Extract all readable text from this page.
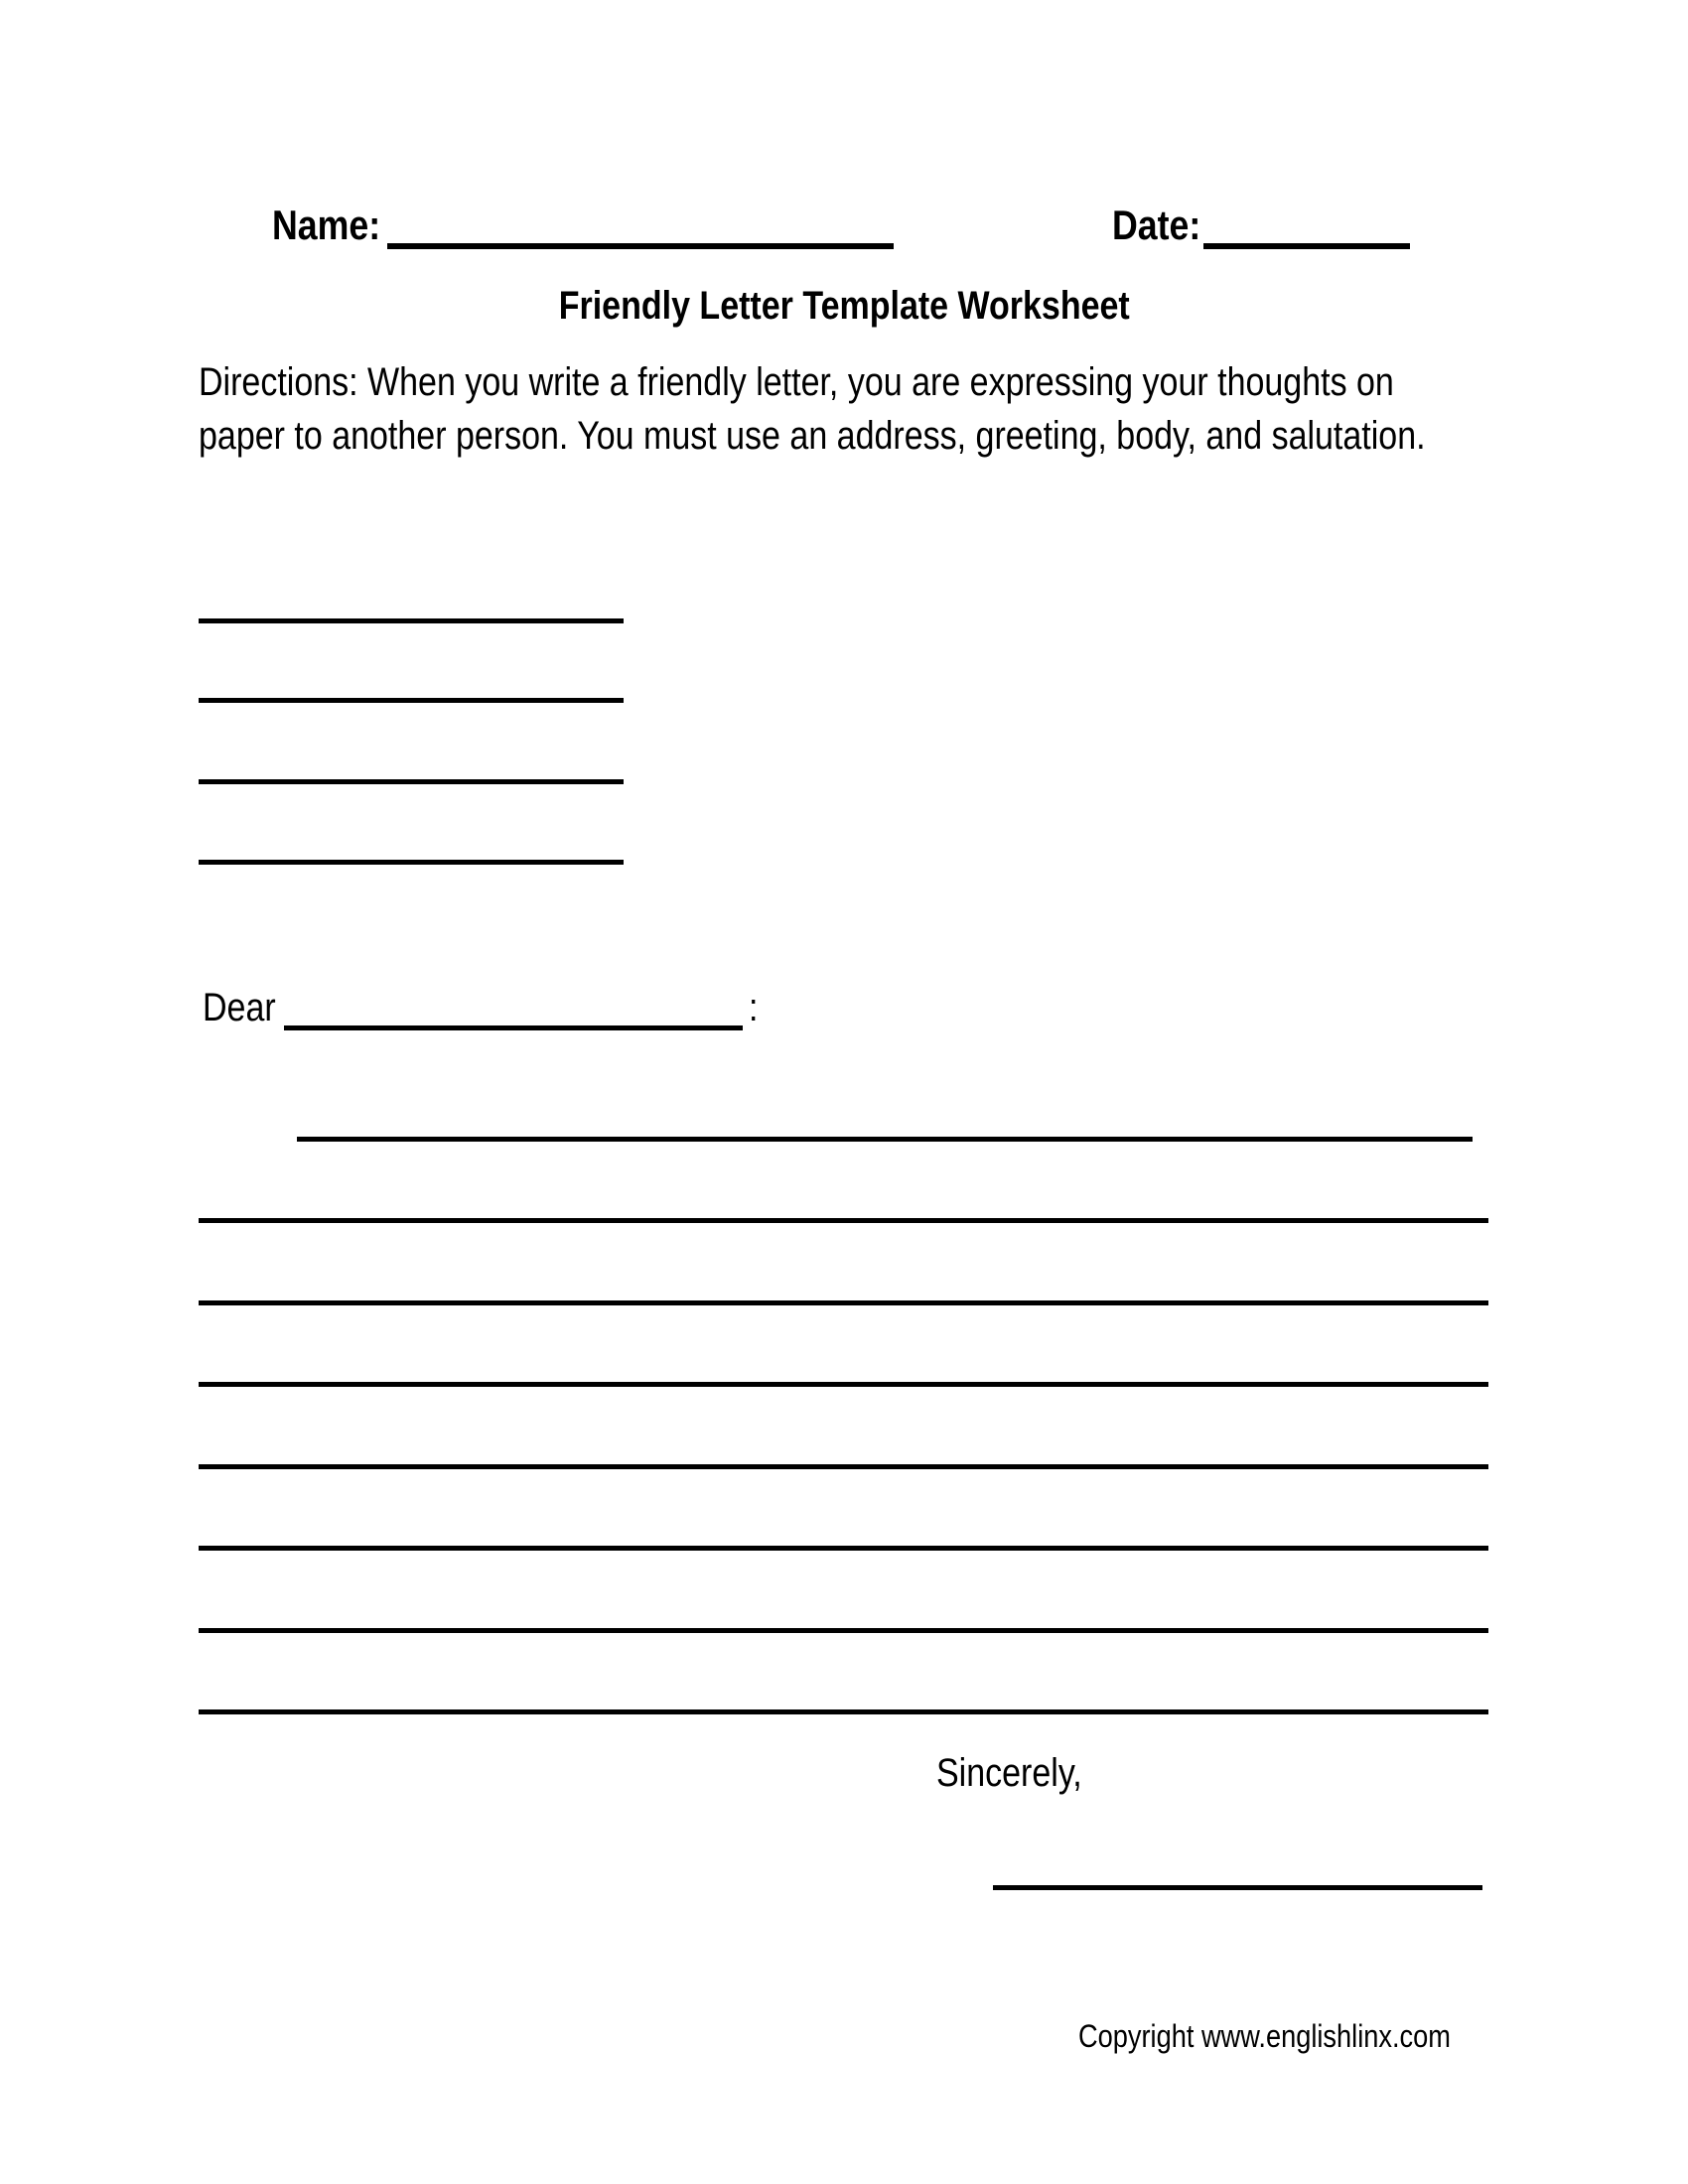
Name:	Date:
Friendly Letter Template Worksheet
Directions: When you write a friendly letter, you are expressing your thoughts on
paper to another person. You must use an address, greeting, body, and salutation.
Dear	:
Sincerely,
Copyright www.englishlinx.com
